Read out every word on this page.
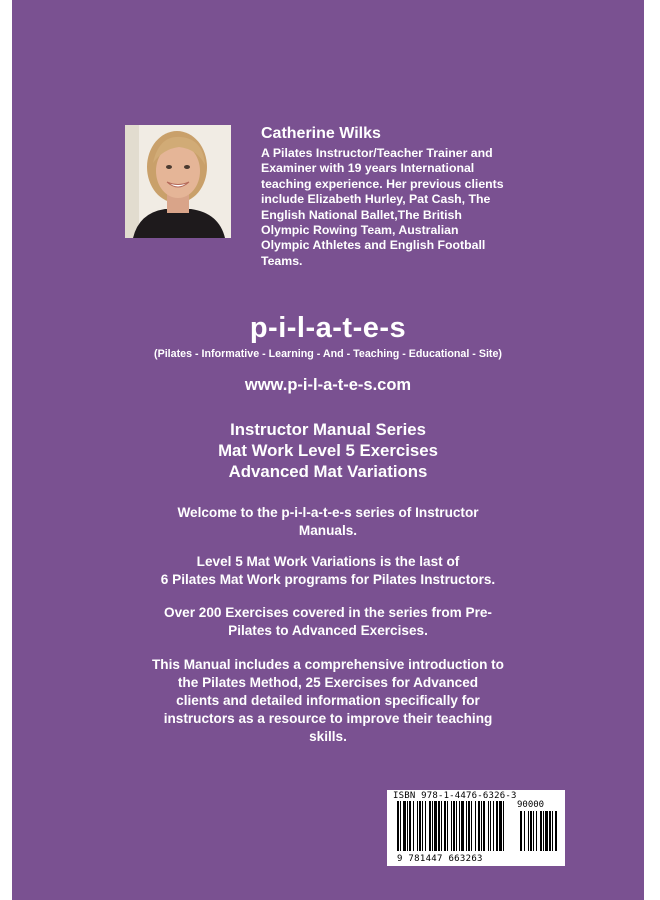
Catherine Wilks
A Pilates Instructor/Teacher Trainer and
Examiner with 19 years International
teaching experience. Her previous clients
include Elizabeth Hurley, Pat Cash, The
English National Ballet,The British
Olympic Rowing Team, Australian
Olympic Athletes and English Football
Teams.
p-i-l-a-t-e-s
(Pilates - Informative - Learning - And - Teaching - Educational - Site)
www.p-i-l-a-t-e-s.com
Instructor Manual Series
Mat Work Level 5 Exercises
Advanced Mat Variations
Welcome to the p-i-l-a-t-e-s series of Instructor
Manuals.
Level 5 Mat Work Variations is the last of
6 Pilates Mat Work programs for Pilates Instructors.
Over 200 Exercises covered in the series from Pre-
Pilates to Advanced Exercises.
This Manual includes a comprehensive introduction to
the Pilates Method, 25 Exercises for Advanced
clients and detailed information specifically for
instructors as a resource to improve their teaching
skills.
ISBN 978-1-4476-6326-3
90000
9 781447 663263
